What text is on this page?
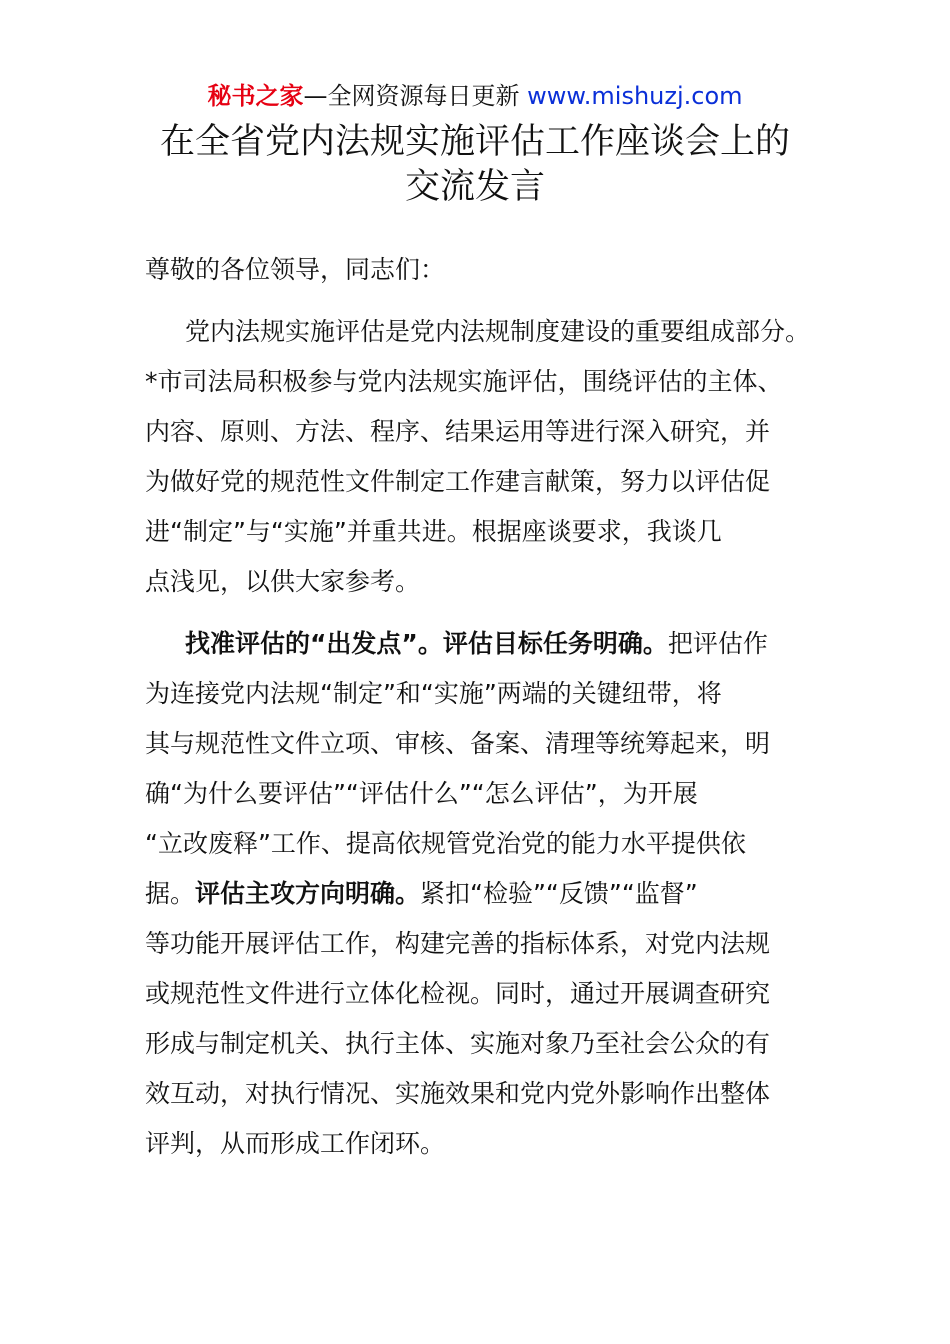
秘书之家—全网资源每日更新 www.mishuzj.com
在全省党内法规实施评估工作座谈会上的
交流发言
尊敬的各位领导，同志们：
党内法规实施评估是党内法规制度建设的重要组成部分。
*市司法局积极参与党内法规实施评估，围绕评估的主体、
内容、原则、方法、程序、结果运用等进行深入研究，并
为做好党的规范性文件制定工作建言献策，努力以评估促
进“制定”与“实施”并重共进。根据座谈要求，我谈几
点浅见，以供大家参考。
找准评估的“出发点”。评估目标任务明确。把评估作
为连接党内法规“制定”和“实施”两端的关键纽带，将
其与规范性文件立项、审核、备案、清理等统筹起来，明
确“为什么要评估”“评估什么”“怎么评估”，为开展
“立改废释”工作、提高依规管党治党的能力水平提供依
据。评估主攻方向明确。紧扣“检验”“反馈”“监督”
等功能开展评估工作，构建完善的指标体系，对党内法规
或规范性文件进行立体化检视。同时，通过开展调查研究
形成与制定机关、执行主体、实施对象乃至社会公众的有
效互动，对执行情况、实施效果和党内党外影响作出整体
评判，从而形成工作闭环。
